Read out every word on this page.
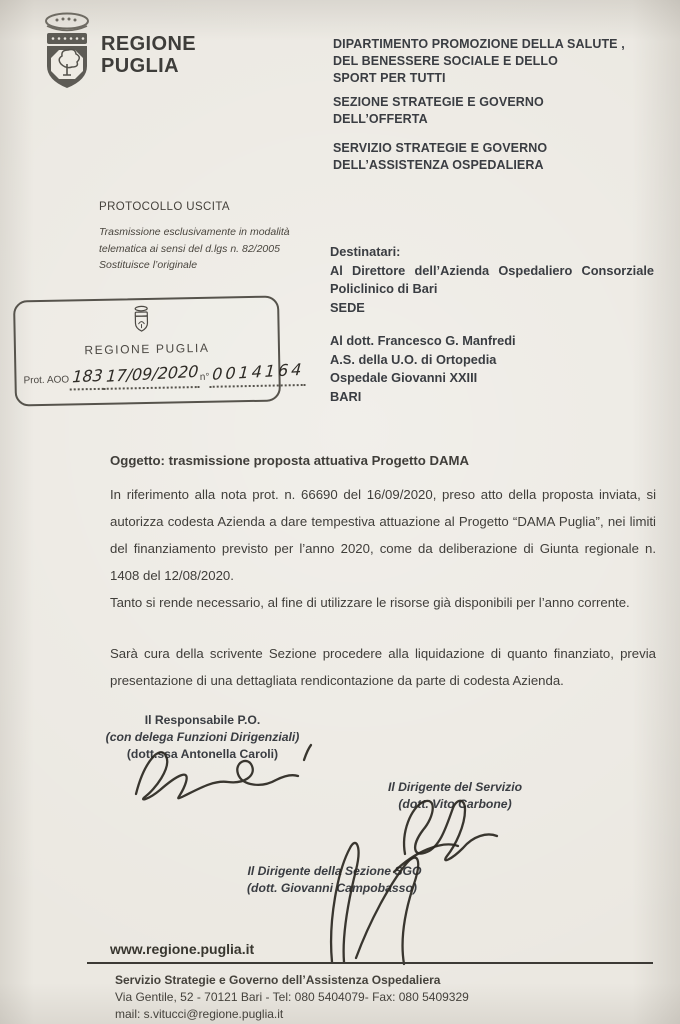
REGIONE
PUGLIA
DIPARTIMENTO PROMOZIONE DELLA SALUTE ,
DEL BENESSERE SOCIALE E DELLO
SPORT PER TUTTI
SEZIONE STRATEGIE E GOVERNO
DELL’OFFERTA
SERVIZIO STRATEGIE E GOVERNO
DELL’ASSISTENZA OSPEDALIERA
PROTOCOLLO USCITA
Trasmissione esclusivamente in modalità
telematica ai sensi del d.lgs n. 82/2005
Sostituisce l’originale
REGIONE PUGLIA
Prot. AOO 183 17/09/2020n° 0014164
Destinatari:
Al Direttore dell’Azienda Ospedaliero Consorziale Policlinico di Bari
SEDE
Al dott. Francesco G. Manfredi
A.S. della U.O. di Ortopedia
Ospedale Giovanni XXIII
BARI
Oggetto: trasmissione proposta attuativa Progetto DAMA

In riferimento alla nota prot. n. 66690 del 16/09/2020, preso atto della proposta inviata, si autorizza codesta Azienda a dare tempestiva attuazione al Progetto “DAMA Puglia”, nei limiti del finanziamento previsto per l’anno 2020, come da deliberazione di Giunta regionale n. 1408 del 12/08/2020.

Tanto si rende necessario, al fine di utilizzare le risorse già disponibili per l’anno corrente.

Sarà cura della scrivente Sezione procedere alla liquidazione di quanto finanziato, previa presentazione di una dettagliata rendicontazione da parte di codesta Azienda.

Il Responsabile P.O.
(con delega Funzioni Dirigenziali)
(dott.ssa Antonella Caroli)
Il Dirigente del Servizio
(dott. Vito Carbone)
Il Dirigente della Sezione SGO
(dott. Giovanni Campobasso)
www.regione.puglia.it
Servizio Strategie e Governo dell’Assistenza Ospedaliera
Via Gentile, 52 - 70121 Bari - Tel: 080 5404079- Fax: 080 5409329
mail: s.vitucci@regione.puglia.it
